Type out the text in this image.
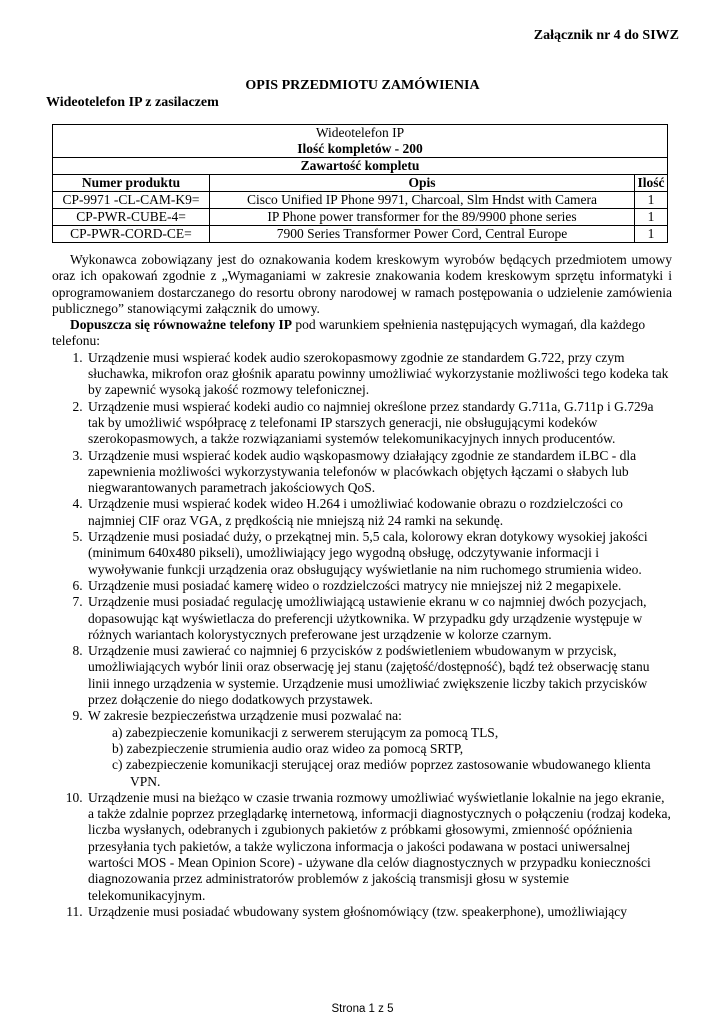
Załącznik nr 4 do SIWZ
OPIS PRZEDMIOTU ZAMÓWIENIA
Wideotelefon IP z zasilaczem
Wideotelefon IP
Ilość kompletów - 200		

Zawartość kompletu		
Numer produktu	Opis	Ilość
CP-9971 -CL-CAM-K9=	Cisco Unified IP Phone 9971, Charcoal, Slm Hndst with Camera	1
CP-PWR-CUBE-4=	IP Phone power transformer for the 89/9900 phone series	1
CP-PWR-CORD-CE=	7900 Series Transformer Power Cord, Central Europe	1

Wykonawca zobowiązany jest do oznakowania kodem kreskowym wyrobów będących przedmiotem umowy oraz ich opakowań zgodnie z „Wymaganiami w zakresie znakowania kodem kreskowym sprzętu informatyki i oprogramowaniem dostarczanego do resortu obrony narodowej w ramach postępowania o udzielenie zamówienia publicznego” stanowiącymi załącznik do umowy.

Dopuszcza się równoważne telefony IP pod warunkiem spełnienia następujących wymagań, dla każdego telefonu:

1. Urządzenie musi wspierać kodek audio szerokopasmowy zgodnie ze standardem G.722, przy czym słuchawka, mikrofon oraz głośnik aparatu powinny umożliwiać wykorzystanie możliwości tego kodeka tak by zapewnić wysoką jakość rozmowy telefonicznej.
2. Urządzenie musi wspierać kodeki audio co najmniej określone przez standardy G.711a, G.711p i G.729a tak by umożliwić współpracę z telefonami IP starszych generacji, nie obsługującymi kodeków szerokopasmowych, a także rozwiązaniami systemów telekomunikacyjnych innych producentów.
3. Urządzenie musi wspierać kodek audio wąskopasmowy działający zgodnie ze standardem iLBC - dla zapewnienia możliwości wykorzystywania telefonów w placówkach objętych łączami o słabych lub niegwarantowanych parametrach jakościowych QoS.
4. Urządzenie musi wspierać kodek wideo H.264 i umożliwiać kodowanie obrazu o rozdzielczości co najmniej CIF oraz VGA, z prędkością nie mniejszą niż 24 ramki na sekundę.
5. Urządzenie musi posiadać duży, o przekątnej min. 5,5 cala, kolorowy ekran dotykowy wysokiej jakości (minimum 640x480 pikseli), umożliwiający jego wygodną obsługę, odczytywanie informacji i wywoływanie funkcji urządzenia oraz obsługujący wyświetlanie na nim ruchomego strumienia wideo.
6. Urządzenie musi posiadać kamerę wideo o rozdzielczości matrycy nie mniejszej niż 2 megapixele.
7. Urządzenie musi posiadać regulację umożliwiającą ustawienie ekranu w co najmniej dwóch pozycjach, dopasowując kąt wyświetlacza do preferencji użytkownika. W przypadku gdy urządzenie występuje w różnych wariantach kolorystycznych preferowane jest urządzenie w kolorze czarnym.
8. Urządzenie musi zawierać co najmniej 6 przycisków z podświetleniem wbudowanym w przycisk, umożliwiających wybór linii oraz obserwację jej stanu (zajętość/dostępność), bądź też obserwację stanu linii innego urządzenia w systemie. Urządzenie musi umożliwiać zwiększenie liczby takich przycisków przez dołączenie do niego dodatkowych przystawek.
9. W zakresie bezpieczeństwa urządzenie musi pozwalać na:
a) zabezpieczenie komunikacji z serwerem sterującym za pomocą TLS,
b) zabezpieczenie strumienia audio oraz wideo za pomocą SRTP,
c) zabezpieczenie komunikacji sterującej oraz mediów poprzez zastosowanie wbudowanego klienta VPN.
10. Urządzenie musi na bieżąco w czasie trwania rozmowy umożliwiać wyświetlanie lokalnie na jego ekranie, a także zdalnie poprzez przeglądarkę internetową, informacji diagnostycznych o połączeniu (rodzaj kodeka, liczba wysłanych, odebranych i zgubionych pakietów z próbkami głosowymi, zmienność opóźnienia przesyłania tych pakietów, a także wyliczona informacja o jakości podawana w postaci uniwersalnej wartości MOS - Mean Opinion Score) - używane dla celów diagnostycznych w przypadku konieczności diagnozowania przez administratorów problemów z jakością transmisji głosu w systemie telekomunikacyjnym.
11. Urządzenie musi posiadać wbudowany system głośnomówiący (tzw. speakerphone), umożliwiający
Strona 1 z 5
